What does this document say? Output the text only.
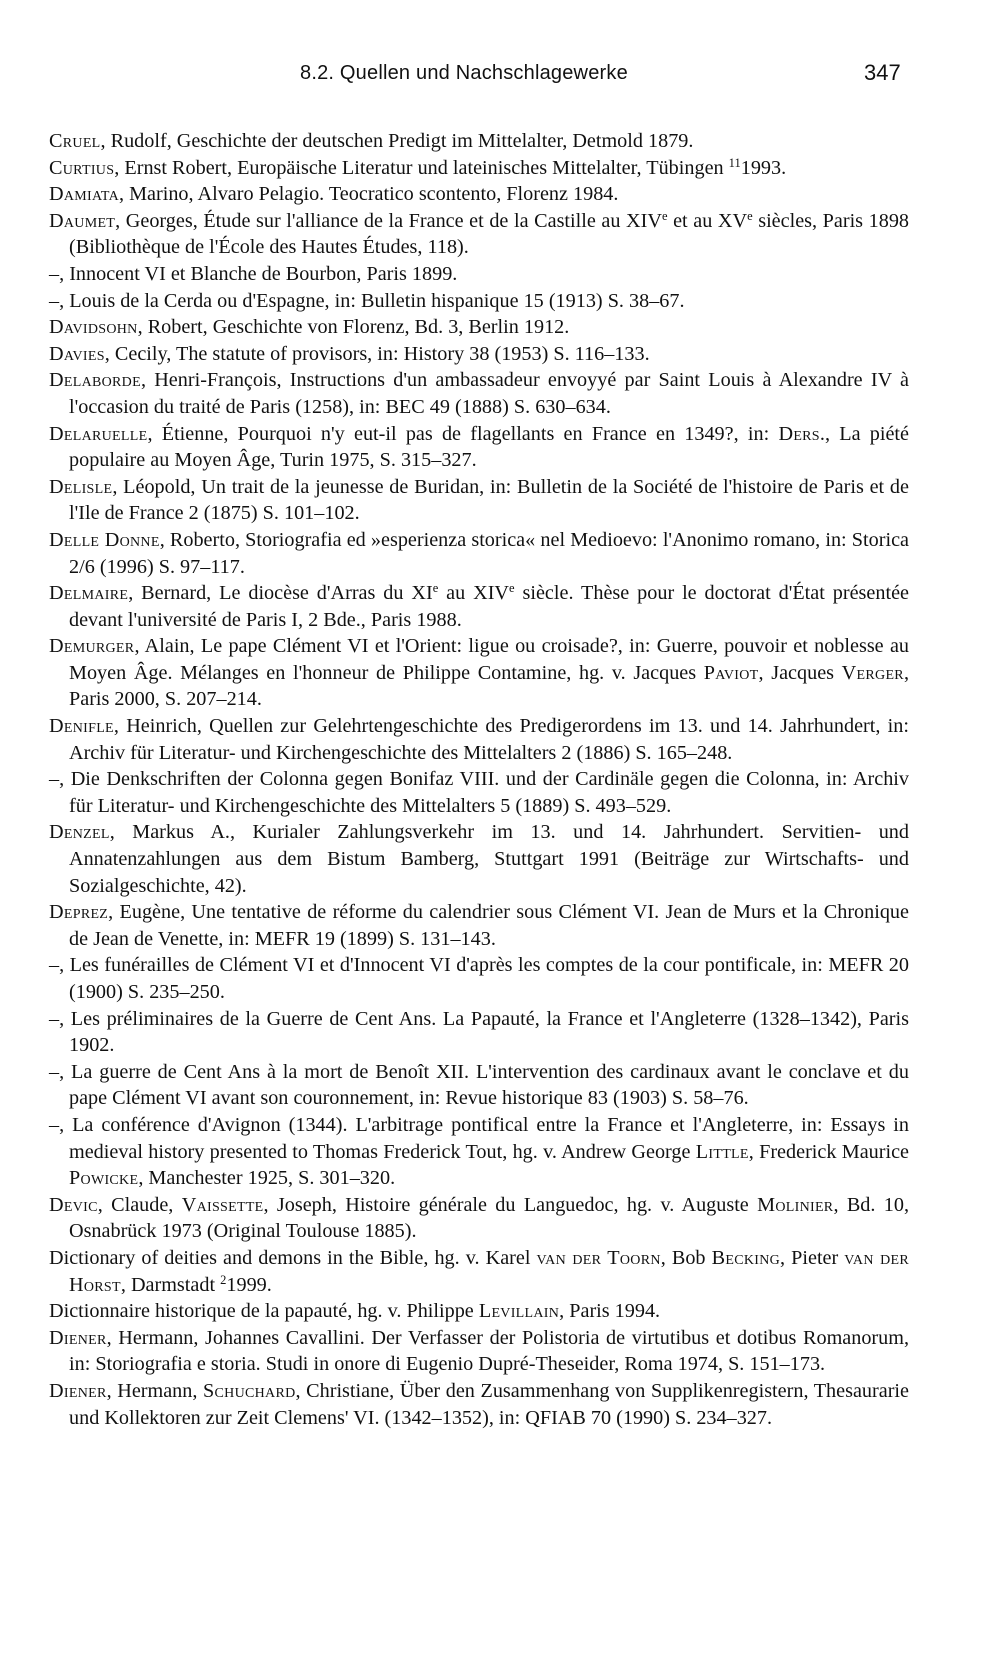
8.2. Quellen und Nachschlagewerke	347

Cruel, Rudolf, Geschichte der deutschen Predigt im Mittelalter, Detmold 1879.

Curtius, Ernst Robert, Europäische Literatur und lateinisches Mittelalter, Tübingen $^{11}$1993.

Damiata, Marino, Alvaro Pelagio. Teocratico scontento, Florenz 1984.

Daumet, Georges, Étude sur l'alliance de la France et de la Castille au XIVe et au XVe siècles, Paris 1898 (Bibliothèque de l'École des Hautes Études, 118).

–, Innocent VI et Blanche de Bourbon, Paris 1899.

–, Louis de la Cerda ou d'Espagne, in: Bulletin hispanique 15 (1913) S. 38–67.

Davidsohn, Robert, Geschichte von Florenz, Bd. 3, Berlin 1912.

Davies, Cecily, The statute of provisors, in: History 38 (1953) S. 116–133.

Delaborde, Henri-François, Instructions d'un ambassadeur envoyyé par Saint Louis à Alexandre IV à l'occasion du traité de Paris (1258), in: BEC 49 (1888) S. 630–634.

Delaruelle, Étienne, Pourquoi n'y eut-il pas de flagellants en France en 1349?, in: Ders., La piété populaire au Moyen Âge, Turin 1975, S. 315–327.

Delisle, Léopold, Un trait de la jeunesse de Buridan, in: Bulletin de la Société de l'histoire de Paris et de l'Ile de France 2 (1875) S. 101–102.

Delle Donne, Roberto, Storiografia ed »esperienza storica« nel Medioevo: l'Anonimo romano, in: Storica 2/6 (1996) S. 97–117.

Delmaire, Bernard, Le diocèse d'Arras du XIe au XIVe siècle. Thèse pour le doctorat d'État présentée devant l'université de Paris I, 2 Bde., Paris 1988.

Demurger, Alain, Le pape Clément VI et l'Orient: ligue ou croisade?, in: Guerre, pouvoir et noblesse au Moyen Âge. Mélanges en l'honneur de Philippe Contamine, hg. v. Jacques Paviot, Jacques Verger, Paris 2000, S. 207–214.

Denifle, Heinrich, Quellen zur Gelehrtengeschichte des Predigerordens im 13. und 14. Jahrhundert, in: Archiv für Literatur- und Kirchengeschichte des Mittelalters 2 (1886) S. 165–248.

–, Die Denkschriften der Colonna gegen Bonifaz VIII. und der Cardinäle gegen die Colonna, in: Archiv für Literatur- und Kirchengeschichte des Mittelalters 5 (1889) S. 493–529.

Denzel, Markus A., Kurialer Zahlungsverkehr im 13. und 14. Jahrhundert. Servitien- und Annatenzahlungen aus dem Bistum Bamberg, Stuttgart 1991 (Beiträge zur Wirtschafts- und Sozialgeschichte, 42).

Deprez, Eugène, Une tentative de réforme du calendrier sous Clément VI. Jean de Murs et la Chronique de Jean de Venette, in: MEFR 19 (1899) S. 131–143.

–, Les funérailles de Clément VI et d'Innocent VI d'après les comptes de la cour pontificale, in: MEFR 20 (1900) S. 235–250.

–, Les préliminaires de la Guerre de Cent Ans. La Papauté, la France et l'Angleterre (1328–1342), Paris 1902.

–, La guerre de Cent Ans à la mort de Benoît XII. L'intervention des cardinaux avant le conclave et du pape Clément VI avant son couronnement, in: Revue historique 83 (1903) S. 58–76.

–, La conférence d'Avignon (1344). L'arbitrage pontifical entre la France et l'Angleterre, in: Essays in medieval history presented to Thomas Frederick Tout, hg. v. Andrew George Little, Frederick Maurice Powicke, Manchester 1925, S. 301–320.

Devic, Claude, Vaissette, Joseph, Histoire générale du Languedoc, hg. v. Auguste Molinier, Bd. 10, Osnabrück 1973 (Original Toulouse 1885).

Dictionary of deities and demons in the Bible, hg. v. Karel van der Toorn, Bob Becking, Pieter van der Horst, Darmstadt $^2$1999.

Dictionnaire historique de la papauté, hg. v. Philippe Levillain, Paris 1994.

Diener, Hermann, Johannes Cavallini. Der Verfasser der Polistoria de virtutibus et dotibus Romanorum, in: Storiografia e storia. Studi in onore di Eugenio Dupré-Theseider, Roma 1974, S. 151–173.

Diener, Hermann, Schuchard, Christiane, Über den Zusammenhang von Supplikenregistern, Thesaurarie und Kollektoren zur Zeit Clemens' VI. (1342–1352), in: QFIAB 70 (1990) S. 234–327.
